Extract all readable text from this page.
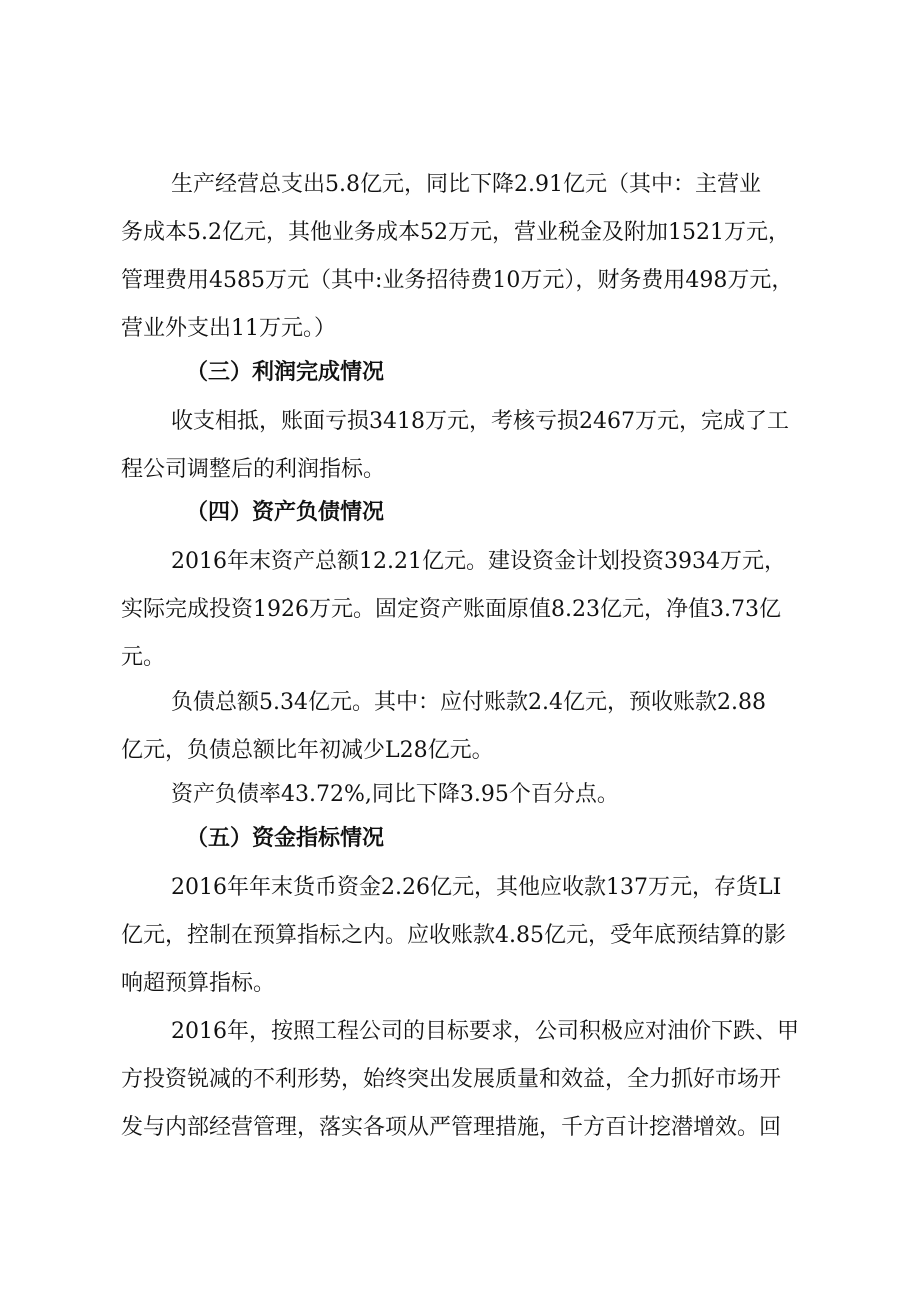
生产经营总支出5.8亿元，同比下降2.91亿元（其中：主营业
务成本5.2亿元，其他业务成本52万元，营业税金及附加1521万元，
管理费用4585万元（其中:业务招待费10万元），财务费用498万元，
营业外支出11万元。）
（三）利润完成情况
收支相抵，账面亏损3418万元，考核亏损2467万元，完成了工
程公司调整后的利润指标。
（四）资产负债情况
2016年末资产总额12.21亿元。建设资金计划投资3934万元，
实际完成投资1926万元。固定资产账面原值8.23亿元，净值3.73亿
元。
负债总额5.34亿元。其中：应付账款2.4亿元，预收账款2.88
亿元，负债总额比年初减少L28亿元。
资产负债率43.72%,同比下降3.95个百分点。
（五）资金指标情况
2016年年末货币资金2.26亿元，其他应收款137万元，存货LI
亿元，控制在预算指标之内。应收账款4.85亿元，受年底预结算的影
响超预算指标。
2016年，按照工程公司的目标要求，公司积极应对油价下跌、甲
方投资锐减的不利形势，始终突出发展质量和效益，全力抓好市场开
发与内部经营管理，落实各项从严管理措施，千方百计挖潜增效。回
